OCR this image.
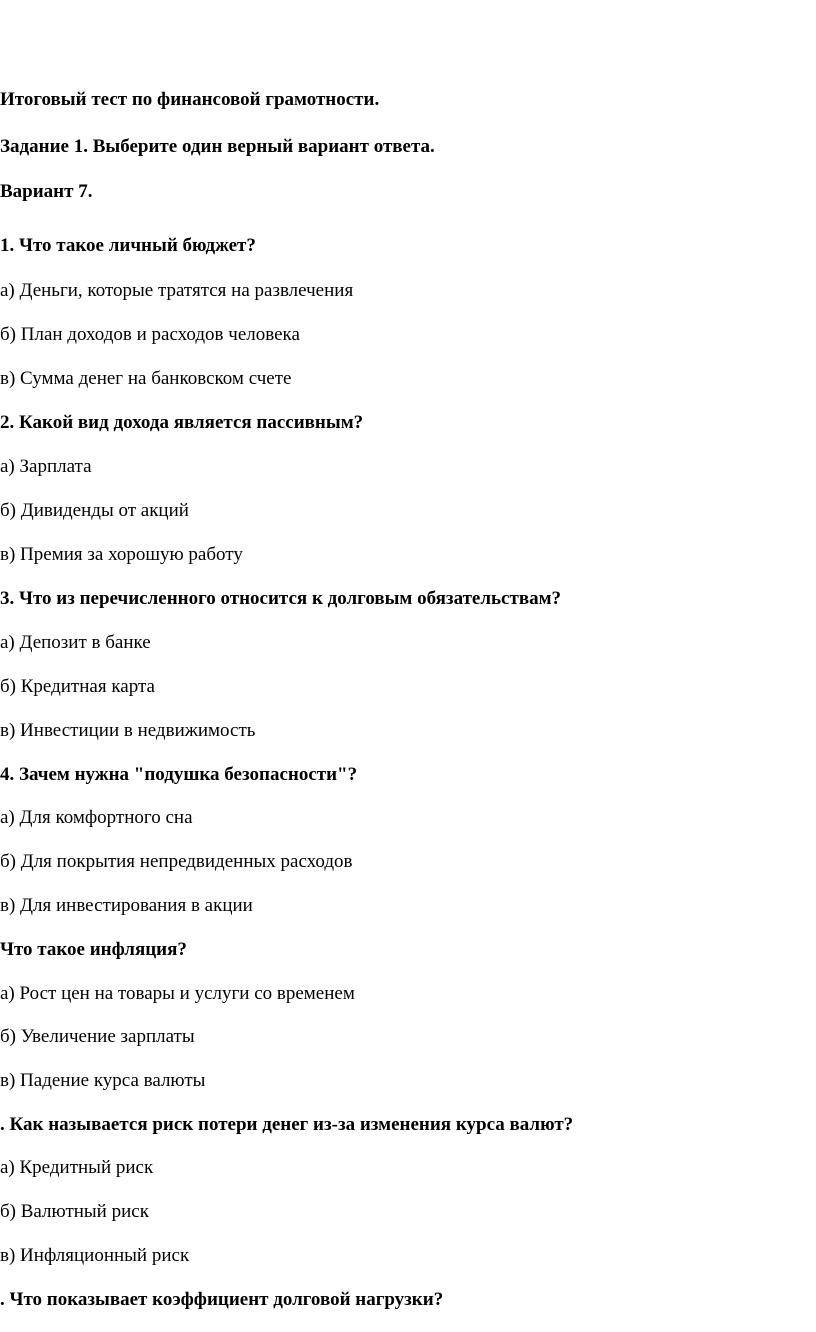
Итоговый тест по финансовой грамотности.
Задание 1. Выберите один верный вариант ответа.
Вариант 7.
1. Что такое личный бюджет?
а) Деньги, которые тратятся на развлечения
б) План доходов и расходов человека
в) Сумма денег на банковском счете
2. Какой вид дохода является пассивным?
а) Зарплата
б) Дивиденды от акций
в) Премия за хорошую работу
3. Что из перечисленного относится к долговым обязательствам?
а) Депозит в банке
б) Кредитная карта
в) Инвестиции в недвижимость
4. Зачем нужна "подушка безопасности"?
а) Для комфортного сна
б) Для покрытия непредвиденных расходов
в) Для инвестирования в акции
Что такое инфляция?
а) Рост цен на товары и услуги со временем
б) Увеличение зарплаты
в) Падение курса валюты
. Как называется риск потери денег из-за изменения курса валют?
а) Кредитный риск
б) Валютный риск
в) Инфляционный риск
. Что показывает коэффициент долговой нагрузки?
